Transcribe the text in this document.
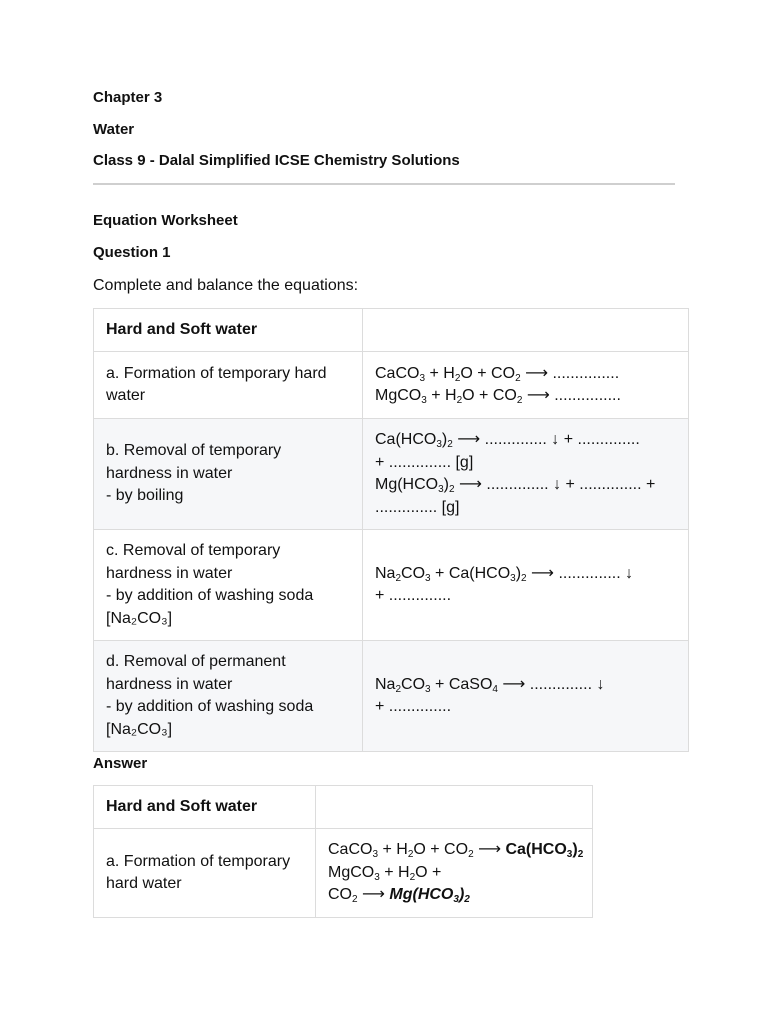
Chapter 3
Water
Class 9 - Dalal Simplified ICSE Chemistry Solutions
Equation Worksheet
Question 1
Complete and balance the equations:
Hard and Soft water	

a. Formation of temporary hard
water	CaCO$_3$ + $H_2O + CO_2$ ⟶ ...............
MgCO$_3$ + $H_2O + CO_2$ ⟶ ...............

b. Removal of temporary
hardness in water
- by boiling	$Ca(HCO_3)_2$ ⟶ .............. ↓ + ..............
+ .............. [g]
$Mg(HCO_3)_2$ ⟶ .............. ↓ + .............. +
.............. [g]

c. Removal of temporary
hardness in water
- by addition of washing soda
[Na₂CO₃]	$Na_2CO_3 + Ca(HCO_3)_2$ ⟶ .............. ↓
+ ..............

d. Removal of permanent
hardness in water
- by addition of washing soda
[Na₂CO₃]	$Na_2CO_3$ + CaSO$_4$ ⟶ .............. ↓
+ ..............
Answer
Hard and Soft water	

a. Formation of temporary
hard water	CaCO$_3$ + $H_2O + CO_2$ ⟶ $Ca(HCO_3)_2$
MgCO$_3$ + $H_2O$ +
$CO_2$ ⟶ $Mg(HCO_3)_2$
